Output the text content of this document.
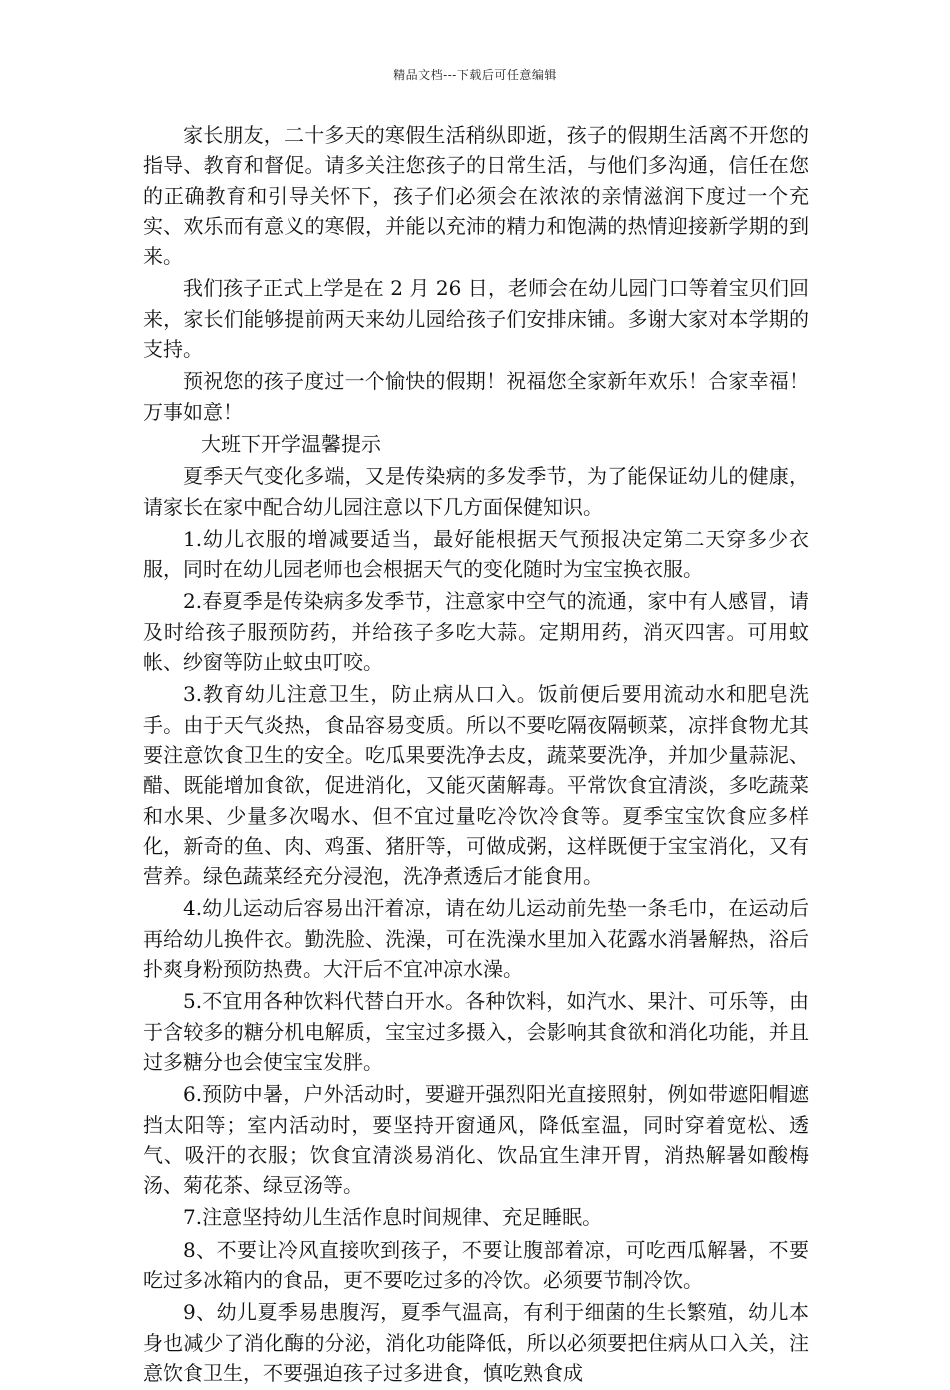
精品文档---下载后可任意编辑

家长朋友，二十多天的寒假生活稍纵即逝，孩子的假期生活离不开您的指导、教育和督促。请多关注您孩子的日常生活，与他们多沟通，信任在您的正确教育和引导关怀下，孩子们必须会在浓浓的亲情滋润下度过一个充实、欢乐而有意义的寒假，并能以充沛的精力和饱满的热情迎接新学期的到来。

我们孩子正式上学是在 2 月 26 日，老师会在幼儿园门口等着宝贝们回来，家长们能够提前两天来幼儿园给孩子们安排床铺。多谢大家对本学期的支持。

预祝您的孩子度过一个愉快的假期！祝福您全家新年欢乐！合家幸福！万事如意！

大班下开学温馨提示

夏季天气变化多端，又是传染病的多发季节，为了能保证幼儿的健康，请家长在家中配合幼儿园注意以下几方面保健知识。

1.幼儿衣服的增减要适当，最好能根据天气预报决定第二天穿多少衣服，同时在幼儿园老师也会根据天气的变化随时为宝宝换衣服。

2.春夏季是传染病多发季节，注意家中空气的流通，家中有人感冒，请及时给孩子服预防药，并给孩子多吃大蒜。定期用药，消灭四害。可用蚊帐、纱窗等防止蚊虫叮咬。

3.教育幼儿注意卫生，防止病从口入。饭前便后要用流动水和肥皂洗手。由于天气炎热，食品容易变质。所以不要吃隔夜隔顿菜，凉拌食物尤其要注意饮食卫生的安全。吃瓜果要洗净去皮，蔬菜要洗净，并加少量蒜泥、醋、既能增加食欲，促进消化，又能灭菌解毒。平常饮食宜清淡，多吃蔬菜和水果、少量多次喝水、但不宜过量吃冷饮冷食等。夏季宝宝饮食应多样化，新奇的鱼、肉、鸡蛋、猪肝等，可做成粥，这样既便于宝宝消化，又有营养。绿色蔬菜经充分浸泡，洗净煮透后才能食用。

4.幼儿运动后容易出汗着凉，请在幼儿运动前先垫一条毛巾，在运动后再给幼儿换件衣。勤洗脸、洗澡，可在洗澡水里加入花露水消暑解热，浴后扑爽身粉预防热费。大汗后不宜冲凉水澡。

5.不宜用各种饮料代替白开水。各种饮料，如汽水、果汁、可乐等，由于含较多的糖分机电解质，宝宝过多摄入，会影响其食欲和消化功能，并且过多糖分也会使宝宝发胖。

6.预防中暑，户外活动时，要避开强烈阳光直接照射，例如带遮阳帽遮挡太阳等；室内活动时，要坚持开窗通风，降低室温，同时穿着宽松、透气、吸汗的衣服；饮食宜清淡易消化、饮品宜生津开胃，消热解暑如酸梅汤、菊花茶、绿豆汤等。

7.注意坚持幼儿生活作息时间规律、充足睡眠。

8、不要让冷风直接吹到孩子，不要让腹部着凉，可吃西瓜解暑，不要吃过多冰箱内的食品，更不要吃过多的冷饮。必须要节制冷饮。

9、幼儿夏季易患腹泻，夏季气温高，有利于细菌的生长繁殖，幼儿本身也减少了消化酶的分泌，消化功能降低，所以必须要把住病从口入关，注意饮食卫生，不要强迫孩子过多进食，慎吃熟食成
